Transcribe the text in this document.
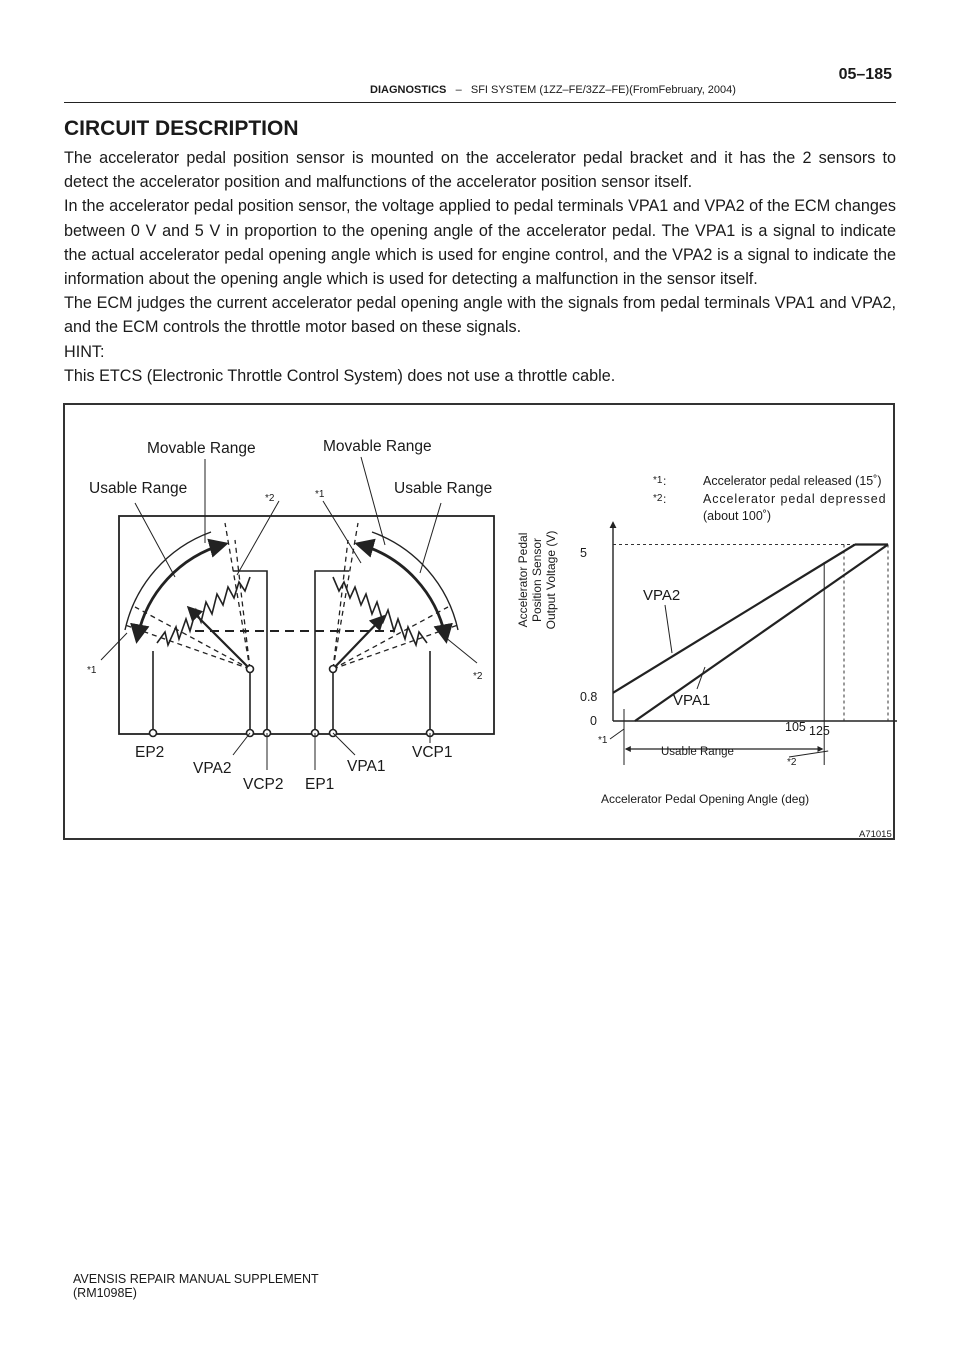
05–185
DIAGNOSTICS – SFI SYSTEM (1ZZ–FE/3ZZ–FE)(FromFebruary, 2004)
CIRCUIT DESCRIPTION

The accelerator pedal position sensor is mounted on the accelerator pedal bracket and it has the 2 sensors to detect the accelerator position and malfunctions of the accelerator position sensor itself.

In the accelerator pedal position sensor, the voltage applied to pedal terminals VPA1 and VPA2 of the ECM changes between 0 V and 5 V in proportion to the opening angle of the accelerator pedal. The VPA1 is a signal to indicate the actual accelerator pedal opening angle which is used for engine control, and the VPA2 is a signal to indicate the information about the opening angle which is used for detecting a malfunction in the sensor itself.

The ECM judges the current accelerator pedal opening angle with the signals from pedal terminals VPA1 and VPA2, and the ECM controls the throttle motor based on these signals.

HINT:

This ETCS (Electronic Throttle Control System) does not use a throttle cable.

Movable Range	Movable Range
Usable Range	Usable Range
*2	*1
*1
*2
EP2
VPA2
VCP2 EP1
VPA1
VCP1
*1 :	Accelerator pedal released (15˚)
*2 :	Accelerator pedal depressed
(about 100˚)
Accelerator Pedal Position Sensor Output Voltage (V) 5
0.8
0	105 125
VPA2
VPA1
Usable Range
*1
*2
Accelerator Pedal Opening Angle (deg)
A71015
AVENSIS REPAIR MANUAL SUPPLEMENT
(RM1098E)
